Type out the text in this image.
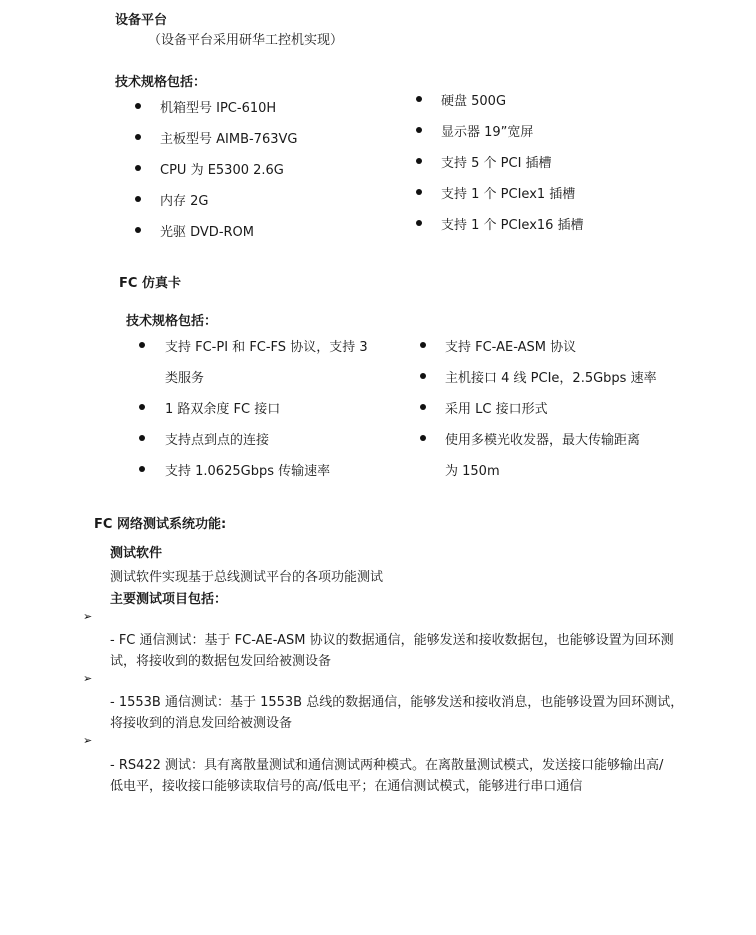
设备平台
（设备平台采用研华工控机实现）
技术规格包括：
机箱型号 IPC-610H
主板型号 AIMB-763VG
CPU 为 E5300 2.6G
内存 2G
光驱 DVD-ROM
硬盘 500G
显示器 19”宽屏
支持 5 个 PCI 插槽
支持 1 个 PCIex1 插槽
支持 1 个 PCIex16 插槽
FC 仿真卡
技术规格包括：
支持 FC-PI 和 FC-FS 协议，支持 3
类服务
1 路双余度 FC 接口
支持点到点的连接
支持 1.0625Gbps 传输速率
支持 FC-AE-ASM 协议
主机接口 4 线 PCIe，2.5Gbps 速率
采用 LC 接口形式
使用多模光收发器，最大传输距离
为 150m
FC 网络测试系统功能:
测试软件
测试软件实现基于总线测试平台的各项功能测试
主要测试项目包括：
➢
- FC 通信测试：基于 FC-AE-ASM 协议的数据通信，能够发送和接收数据包，也能够设置为回环测
试，将接收到的数据包发回给被测设备
➢
- 1553B 通信测试：基于 1553B 总线的数据通信，能够发送和接收消息，也能够设置为回环测试，
将接收到的消息发回给被测设备
➢
- RS422 测试：具有离散量测试和通信测试两种模式。在离散量测试模式，发送接口能够输出高/
低电平，接收接口能够读取信号的高/低电平；在通信测试模式，能够进行串口通信
